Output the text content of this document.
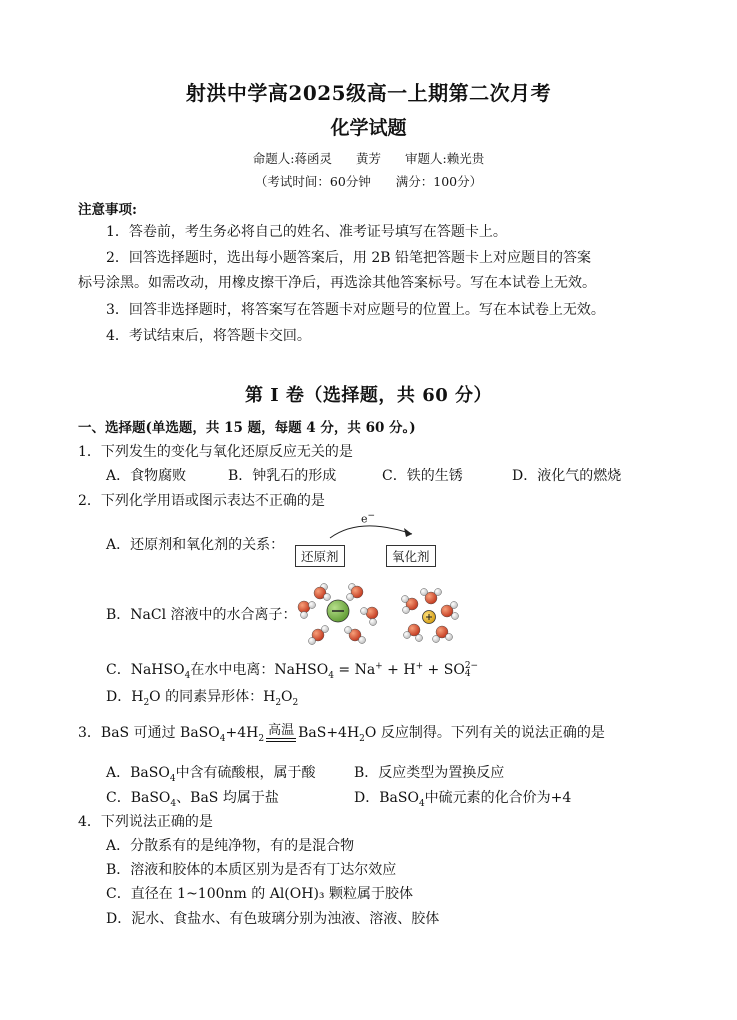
射洪中学高2025级高一上期第二次月考
化学试题
命题人:蒋函灵 黄芳 审题人:赖光贵
（考试时间：60分钟　　满分：100分）
注意事项:
1．答卷前，考生务必将自己的姓名、准考证号填写在答题卡上。
2．回答选择题时，选出每小题答案后，用 2B 铅笔把答题卡上对应题目的答案
标号涂黑。如需改动，用橡皮擦干净后，再选涂其他答案标号。写在本试卷上无效。
3．回答非选择题时，将答案写在答题卡对应题号的位置上。写在本试卷上无效。
4．考试结束后，将答题卡交回。
第 I 卷（选择题，共 60 分）
一、选择题(单选题，共 15 题，每题 4 分，共 60 分。)
1．下列发生的变化与氧化还原反应无关的是
A．食物腐败	B．钟乳石的形成	C．铁的生锈	D．液化气的燃烧
2．下列化学用语或图示表达不正确的是
A．还原剂和氧化剂的关系：
e−
还原剂	氧化剂
B．NaCl 溶液中的水合离子：
C．NaHSO$_4$在水中电离：NaHSO$_4$ = Na+ + H+ + SO 2−
4
D．$H_2O$ 的同素异形体：$H_2O_2$
3．BaS 可通过 $BaSO_4+4H_2$
高温 $BaS+4H_2O$ 反应制得。下列有关的说法正确的是
A．BaSO$_4$中含有硫酸根，属于酸	B．反应类型为置换反应
C．BaSO$_4$、BaS 均属于盐	D．BaSO$_4$中硫元素的化合价为+4
4．下列说法正确的是
A．分散系有的是纯净物，有的是混合物
B．溶液和胶体的本质区别为是否有丁达尔效应
C．直径在 1~100nm 的 Al(OH)₃ 颗粒属于胶体
D．泥水、食盐水、有色玻璃分别为浊液、溶液、胶体
